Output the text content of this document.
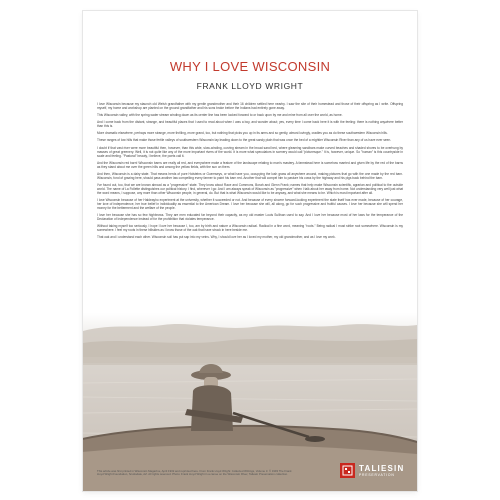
WHY I LOVE WISCONSIN
FRANK LLOYD WRIGHT

I love Wisconsin because my staunch old Welsh grandfather with my gentle grandmother and their 16 children settled here nearby. I saw the site of their homestead and those of their offspring as I write. Offspring myself, my home and workshop are planted on the ground grandfather and his sons broke before the Indians had entirely gone away.

This Wisconsin valley, with the spring-water stream winding down as its center line has been looked forward to or back upon by me and mine from all over the world, as home.

And I come back from the distant, strange, and beautiful places that I used to read about when I was a boy, and wonder about; yes, every time I come back here it is with the feeling: there is nothing anywhere better than this is.

More dramatic elsewhere, perhaps more strange, more thrilling, more grand, too, but nothing that picks you up in its arms and so gently, almost lovingly, cradles you as do these southwestern Wisconsin hills.

These ranges of low hills that make those fertile valleys of southwestern Wisconsin lay leading down to the great sandy plain that was once the bed of a mightier Wisconsin River than any of us have ever seen.

I doubt if that vast river were more beautiful then, however, than this wide, slow-winding, curving stream in the broad sand bed, where gleaming sandbars make curved beaches and shaded shores to be overhung by masses of great greenery. Well, it is not quite like any of the more important rivers of the world. It is more what speculators in scenery would call "picturesque." It is, however, unique. So "human" is this countryside in scale and feeling. "Pastoral" beauty, I believe, the poets call it.

And the Wisconsin red barn! Wisconsin barns are really all red, and everywhere make a feature of the landscape relating to man's mastery. A farmstead here is somehow married and given life by the red of the barns as they stand about me over the green hills and among the yellow fields, with the sun on them.

And then, Wisconsin is a dairy state. That means herds of pure Holsteins or Guernseys, or what have you, occupying the lush grass all anywhere around, making pictures that go with the one made by the red barn. Wisconsin, fond of grazing here, should pass another law compelling every farmer to paint his barn red. Another that will compel him to pasture his cows by the highway and his pigs back behind the barn.

I've found out, too, that we are known abroad as a "progressive" state. They know about Race and Commons, Borah and Glenn Frank; names that help make Wisconsin scientific, agrarian and political to the outside world. The name of La Follette distinguishes our political history. I find, wherever I go: And I am always speak of Wisconsin as "progressive" when I talk about her away from home. Not understanding very well just what the word means, I suppose, any more than other Wisconsin people, in general, do. But that is what Wisconsin would like to be anyway, and what she means to be. Which is most important after all.

I love Wisconsin because of her Haldeayho experiment at the university, whether it succeeded or not. And because of every sincere forward-looking experiment the state itself has ever made, because of her courage, her love of independence, her true belief in individuality as essential to the American Dream. I love her because she will, all along, go for such progressive and fruitful causes. I love her because she will spend her money for the betterment and the welfare of the people.

I love her because she has so few highbrows. They are men educated far beyond their capacity, as my old master Louis Sullivan used to say. And I love her because most of her laws for the temperance of the Declaration of Independence instead of for the prohibition that violates temperance.

Without taking myself too seriously, I hope I love her because I, too, am by birth and nature a Wisconsin radical. Radical in a fine word, meaning "roots." Being radical I must strike root somewhere. Wisconsin is my somewhere. I feel my roots in these hillsides as I know those of the oak that have struck in here beside me.

That oak and I understand each other. Wisconsin soil has put sap into my veins. Why, I should love her as I loved my mother, my old grandmother, and as I love my work.

This article was first printed in Wisconsin Magazine, April 1932 and reprinted here. From Frank Lloyd Wright: Collected Writings, Volume 3. © 1993 The Frank Lloyd Wright Foundation, Scottsdale, AZ. All rights reserved. Photo: Frank Lloyd Wright in a canoe on the Wisconsin River, Taliesin Preservation collection.
TALIESIN
PRESERVATION
